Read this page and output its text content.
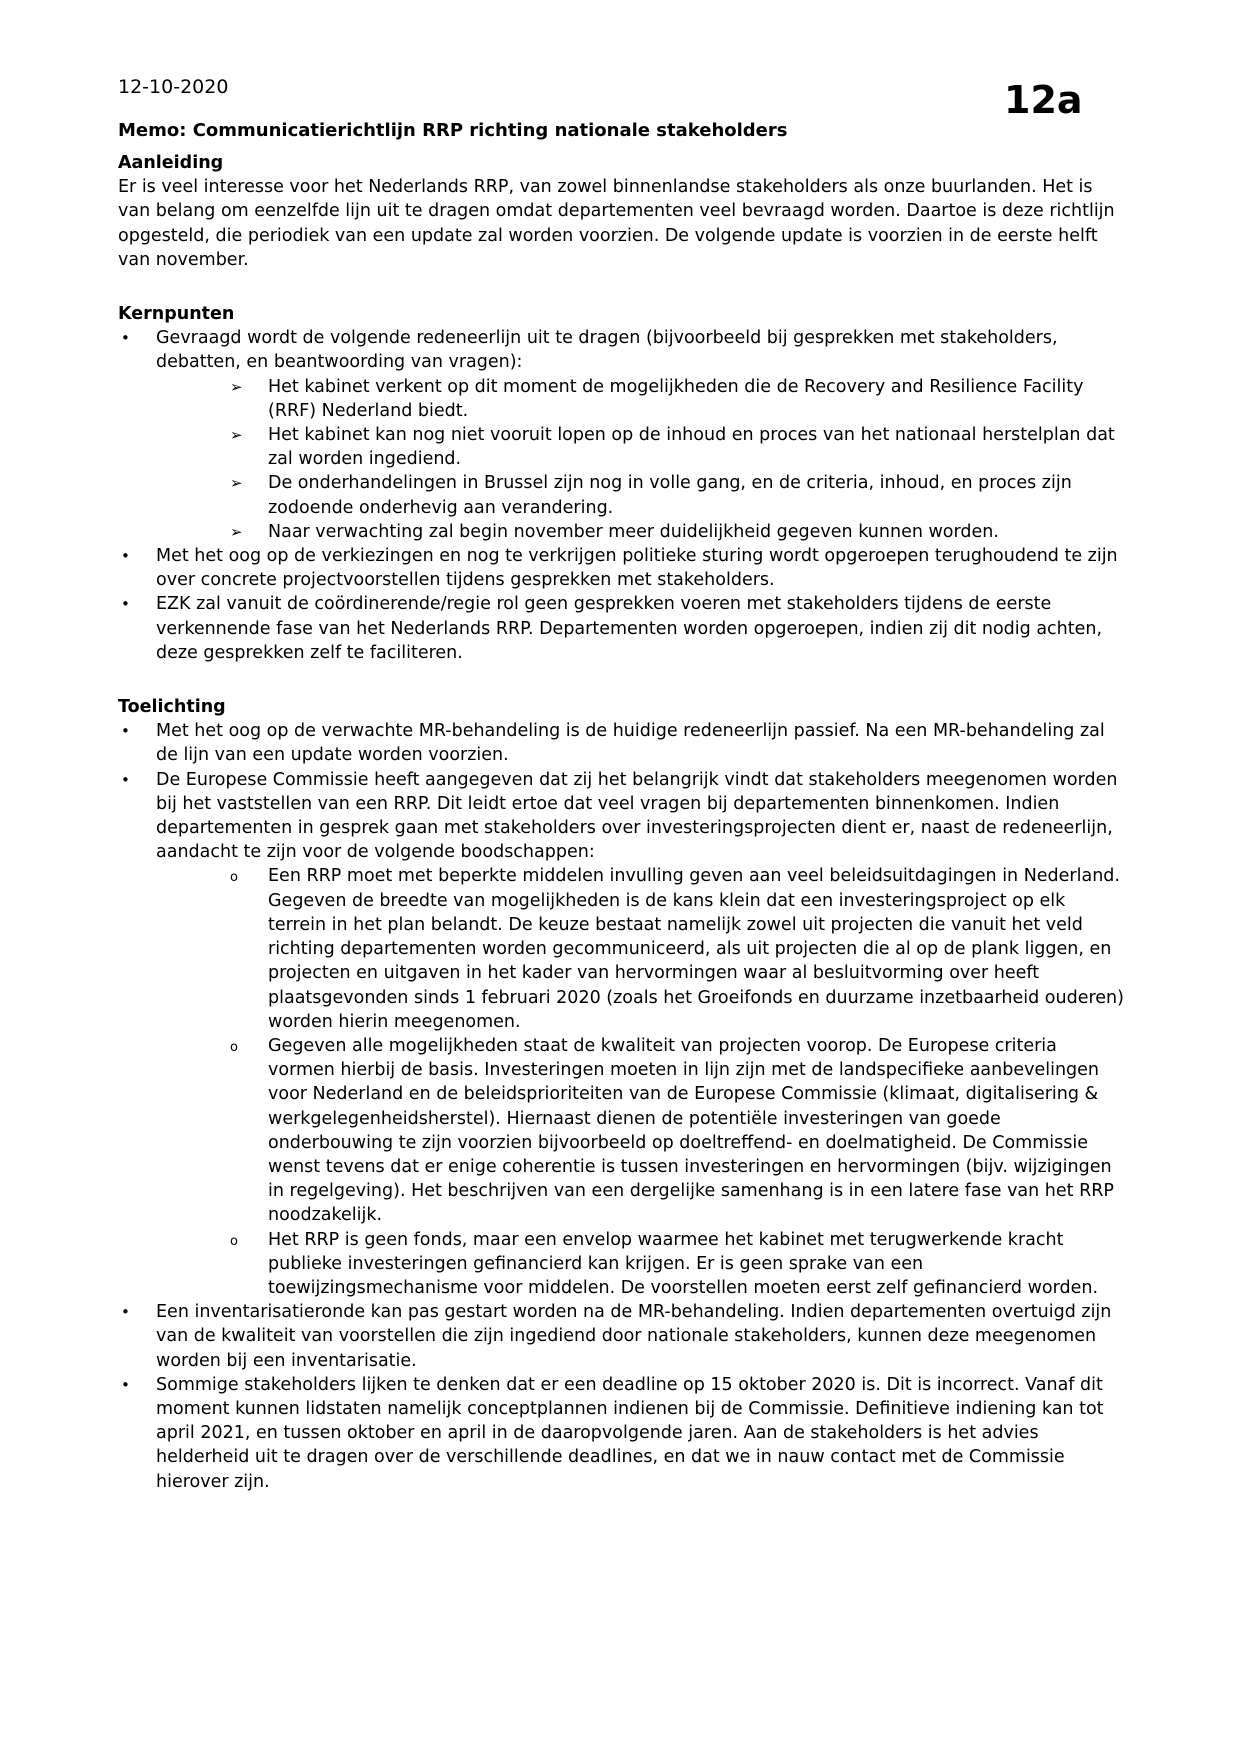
12-10-2020	12a
Memo: Communicatierichtlijn RRP richting nationale stakeholders
Aanleiding

Er is veel interesse voor het Nederlands RRP, van zowel binnenlandse stakeholders als onze buurlanden. Het is van belang om eenzelfde lijn uit te dragen omdat departementen veel bevraagd worden. Daartoe is deze richtlijn opgesteld, die periodiek van een update zal worden voorzien. De volgende update is voorzien in de eerste helft van november.

Kernpunten
• Gevraagd wordt de volgende redeneerlijn uit te dragen (bijvoorbeeld bij gesprekken met stakeholders, debatten, en beantwoording van vragen):
➢ Het kabinet verkent op dit moment de mogelijkheden die de Recovery and Resilience Facility (RRF) Nederland biedt.
➢ Het kabinet kan nog niet vooruit lopen op de inhoud en proces van het nationaal herstelplan dat zal worden ingediend.
➢ De onderhandelingen in Brussel zijn nog in volle gang, en de criteria, inhoud, en proces zijn zodoende onderhevig aan verandering.
➢ Naar verwachting zal begin november meer duidelijkheid gegeven kunnen worden.
• Met het oog op de verkiezingen en nog te verkrijgen politieke sturing wordt opgeroepen terughoudend te zijn over concrete projectvoorstellen tijdens gesprekken met stakeholders.
• EZK zal vanuit de coördinerende/regie rol geen gesprekken voeren met stakeholders tijdens de eerste verkennende fase van het Nederlands RRP. Departementen worden opgeroepen, indien zij dit nodig achten, deze gesprekken zelf te faciliteren.
Toelichting
• Met het oog op de verwachte MR-behandeling is de huidige redeneerlijn passief. Na een MR-behandeling zal de lijn van een update worden voorzien.
• De Europese Commissie heeft aangegeven dat zij het belangrijk vindt dat stakeholders meegenomen worden bij het vaststellen van een RRP. Dit leidt ertoe dat veel vragen bij departementen binnenkomen. Indien departementen in gesprek gaan met stakeholders over investeringsprojecten dient er, naast de redeneerlijn, aandacht te zijn voor de volgende boodschappen:
o Een RRP moet met beperkte middelen invulling geven aan veel beleidsuitdagingen in Nederland. Gegeven de breedte van mogelijkheden is de kans klein dat een investeringsproject op elk terrein in het plan belandt. De keuze bestaat namelijk zowel uit projecten die vanuit het veld richting departementen worden gecommuniceerd, als uit projecten die al op de plank liggen, en projecten en uitgaven in het kader van hervormingen waar al besluitvorming over heeft plaatsgevonden sinds 1 februari 2020 (zoals het Groeifonds en duurzame inzetbaarheid ouderen) worden hierin meegenomen.
o Gegeven alle mogelijkheden staat de kwaliteit van projecten voorop. De Europese criteria vormen hierbij de basis. Investeringen moeten in lijn zijn met de landspecifieke aanbevelingen voor Nederland en de beleidsprioriteiten van de Europese Commissie (klimaat, digitalisering & werkgelegenheidsherstel). Hiernaast dienen de potentiële investeringen van goede onderbouwing te zijn voorzien bijvoorbeeld op doeltreffend- en doelmatigheid. De Commissie wenst tevens dat er enige coherentie is tussen investeringen en hervormingen (bijv. wijzigingen in regelgeving). Het beschrijven van een dergelijke samenhang is in een latere fase van het RRP noodzakelijk.
o Het RRP is geen fonds, maar een envelop waarmee het kabinet met terugwerkende kracht publieke investeringen gefinancierd kan krijgen. Er is geen sprake van een toewijzingsmechanisme voor middelen. De voorstellen moeten eerst zelf gefinancierd worden.
• Een inventarisatieronde kan pas gestart worden na de MR-behandeling. Indien departementen overtuigd zijn van de kwaliteit van voorstellen die zijn ingediend door nationale stakeholders, kunnen deze meegenomen worden bij een inventarisatie.
• Sommige stakeholders lijken te denken dat er een deadline op 15 oktober 2020 is. Dit is incorrect. Vanaf dit moment kunnen lidstaten namelijk conceptplannen indienen bij de Commissie. Definitieve indiening kan tot april 2021, en tussen oktober en april in de daaropvolgende jaren. Aan de stakeholders is het advies helderheid uit te dragen over de verschillende deadlines, en dat we in nauw contact met de Commissie hierover zijn.
